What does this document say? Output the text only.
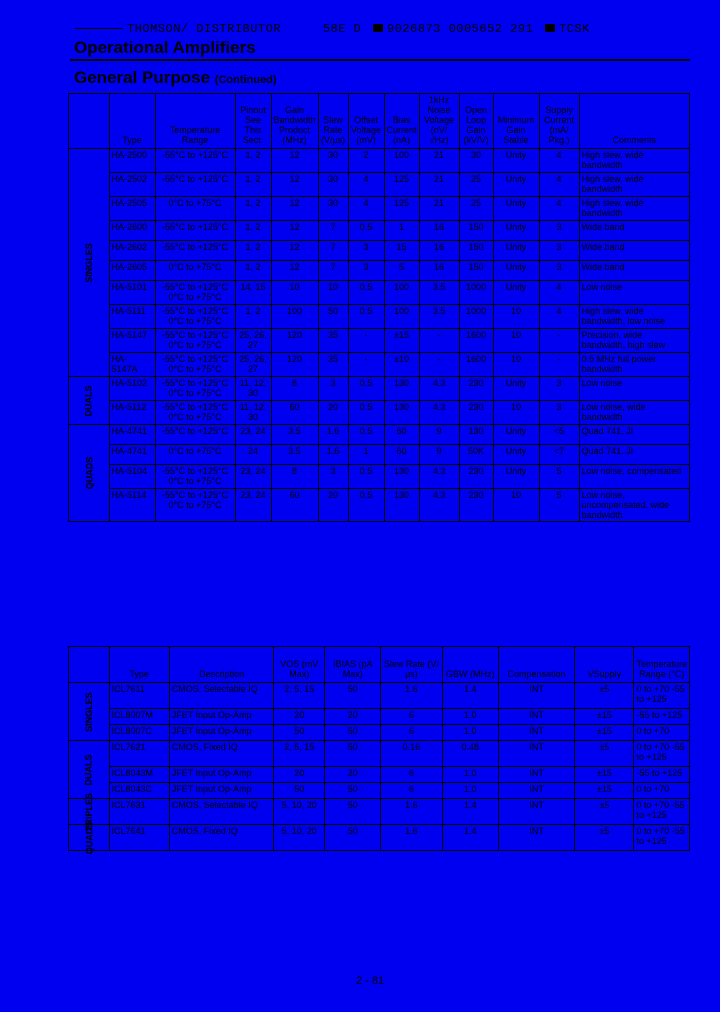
THOMSON/ DISTRIBUTOR	58E D 9026873 0005652 291 TCSK
Operational Amplifiers
General Purpose (Continued)
	Type	Temperature Range	Pinout See This Sect.	Gain Bandwidth Product (MHz)	Slew Rate (V/µs)	Offset Voltage (mV)	Bias Current (nA)	1kHz Noise Voltage (nV/√Hz)	Open Loop Gain (kV/V)	Minimum Gain Stable	Supply Current (mA/ Pkg.)	Comments
SINGLES	HA-2500	-55°C to +125°C	1, 2	12	30	2	100	21	30	Unity	4	High slew, wide bandwidth
	HA-2502	-55°C to +125°C	1, 2	12	30	4	125	21	25	Unity	4	High slew, wide bandwidth
	HA-2505	0°C to +75°C	1, 2	12	30	4	125	21	25	Unity	4	High slew, wide bandwidth
	HA-2600	-55°C to +125°C	1, 2	12	7	0.5	1	16	150	Unity	3	Wide band
	HA-2602	-55°C to +125°C	1, 2	12	7	3	15	16	150	Unity	3	Wide band
	HA-2605	0°C to +75°C	1, 2	12	7	3	5	16	150	Unity	3	Wide band
	HA-5101	-55°C to +125°C 0°C to +75°C	14, 15	10	10	0.5	100	3.5	1000	Unity	4	Low noise
	HA-5111	-55°C to +125°C 0°C to +75°C	1, 2	100	50	0.5	100	3.5	1000	10	4	High slew, wide bandwidth, low noise
	HA-5147	-55°C to +125°C 0°C to +75°C	25, 26, 27	120	35	-	±15	-	1600	10	-	Precision, wide bandwidth, high slew
	HA-5147A	-55°C to +125°C 0°C to +75°C	25, 26, 27	120	35	-	±10	-	1600	10	-	0.5 MHz full power bandwidth
DUALS	HA-5102	-55°C to +125°C 0°C to +75°C	11, 12, 30	8	3	0.5	130	4.3	230	Unity	3	Low noise
	HA-5112	-55°C to +125°C 0°C to +75°C	11, 12, 30	60	20	0.5	130	4.3	230	10	3	Low noise, wide bandwidth
QUADS	HA-4741	-55°C to +125°C	23, 24	3.5	1.6	0.5	60	9	130	Unity	<5	Quad 741, JI
	HA-4741	0°C to +75°C	24	3.5	1.6	1	60	9	50K	Unity	<7	Quad 741, JI
	HA-5104	-55°C to +125°C 0°C to +75°C	23, 24	8	3	0.5	130	4.3	230	Unity	5	Low noise, compensated
	HA-5114	-55°C to +125°C 0°C to +75°C	23, 24	60	20	0.5	130	4.3	230	10	5	Low noise, uncompensated, wide bandwidth
	Type	Description	VOS (mV Max)	IBIAS (pA Max)	Slew Rate (V/µs)	GBW (MHz)	Compensation	VSupply	Temperature Range (°C)
SINGLES	ICL7611	CMOS, Selectable IQ	2, 5, 15	50	1.6	1.4	INT	±5	0 to +70 -55 to +125
	ICL8007M	JFET Input Op-Amp	20	20	6	1.0	INT	±15	-55 to +125
	ICL8007C	JFET Input Op-Amp	50	50	6	1.0	INT	±15	0 to +70
DUALS	ICL7621	CMOS, Fixed IQ	2, 5, 15	50	0.16	0.48	INT	±5	0 to +70 -55 to +125
	ICL8043M	JFET Input Op-Amp	20	20	6	1.0	INT	±15	-55 to +125
	ICL8043C	JFET Input Op-Amp	50	50	6	1.0	INT	±15	0 to +70
TRIPLES	ICL7631	CMOS, Selectable IQ	5, 10, 20	50	1.6	1.4	INT	±5	0 to +70 -55 to +125
QUADS	ICL7641	CMOS, Fixed IQ	5, 10, 20	50	1.6	1.4	INT	±5	0 to +70 -55 to +125
2 - 81
